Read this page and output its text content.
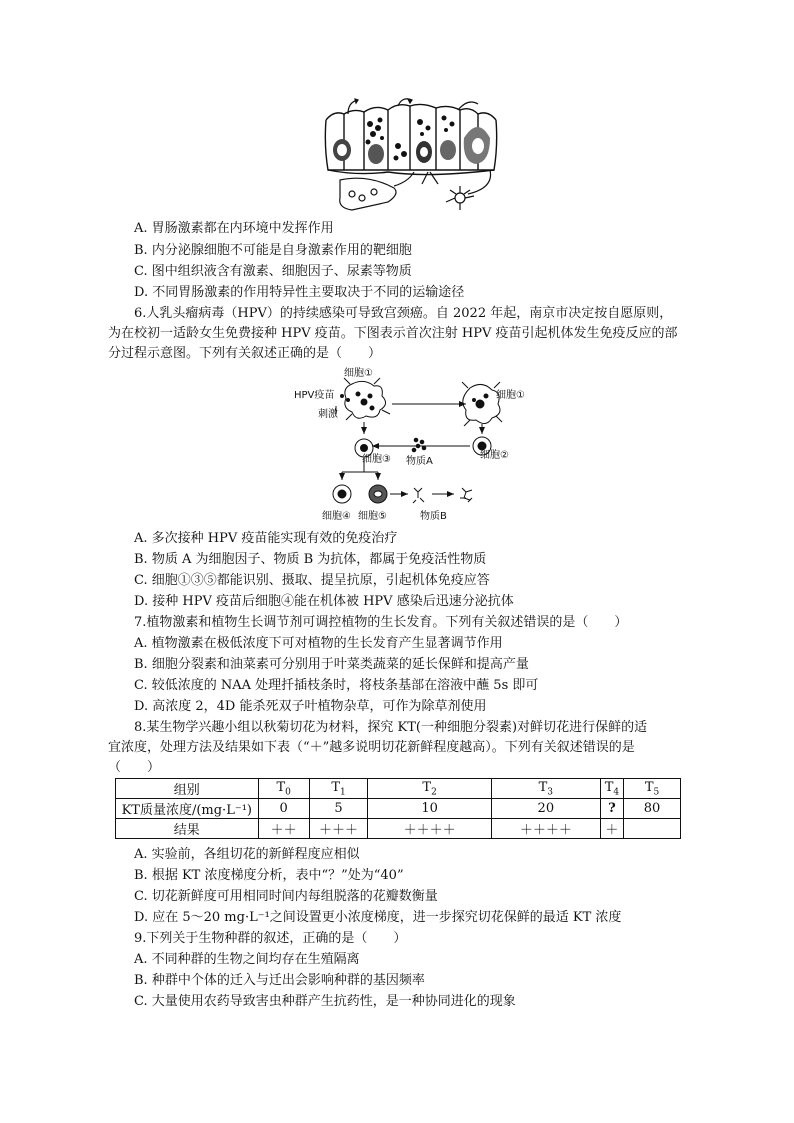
A. 胃肠激素都在内环境中发挥作用
B. 内分泌腺细胞不可能是自身激素作用的靶细胞
C. 图中组织液含有激素、细胞因子、尿素等物质
D. 不同胃肠激素的作用特异性主要取决于不同的运输途径
6.人乳头瘤病毒（HPV）的持续感染可导致宫颈癌。自 2022 年起，南京市决定按自愿原则，
为在校初一适龄女生免费接种 HPV 疫苗。下图表示首次注射 HPV 疫苗引起机体发生免疫反应的部
分过程示意图。下列有关叙述正确的是（　　）
细胞①
HPV疫苗
刺激
细胞①
细胞②
细胞③ 物质A
细胞④ 细胞⑤	物质B
A. 多次接种 HPV 疫苗能实现有效的免疫治疗
B. 物质 A 为细胞因子、物质 B 为抗体，都属于免疫活性物质
C. 细胞①③⑤都能识别、摄取、提呈抗原，引起机体免疫应答
D. 接种 HPV 疫苗后细胞④能在机体被 HPV 感染后迅速分泌抗体
7.植物激素和植物生长调节剂可调控植物的生长发育。下列有关叙述错误的是（　　）
A. 植物激素在极低浓度下可对植物的生长发育产生显著调节作用
B. 细胞分裂素和油菜素可分别用于叶菜类蔬菜的延长保鲜和提高产量
C. 较低浓度的 NAA 处理扦插枝条时，将枝条基部在溶液中蘸 5s 即可
D. 高浓度 2，4D 能杀死双子叶植物杂草，可作为除草剂使用
8.某生物学兴趣小组以秋菊切花为材料，探究 KT(一种细胞分裂素)对鲜切花进行保鲜的适
宜浓度，处理方法及结果如下表（“＋”越多说明切花新鲜程度越高）。下列有关叙述错误的是
（　　）
组别	$T_0$	$T_1$	$T_2$	$T_3$	$T_4$	$T_5$
KT质量浓度/(mg·L⁻¹)	0	5	10	20	?	80
结果	＋＋	＋＋＋	＋＋＋＋	＋＋＋＋	＋	
A. 实验前，各组切花的新鲜程度应相似
B. 根据 KT 浓度梯度分析，表中“？”处为“40”
C. 切花新鲜度可用相同时间内每组脱落的花瓣数衡量
D. 应在 5～20 mg·L⁻¹之间设置更小浓度梯度，进一步探究切花保鲜的最适 KT 浓度
9.下列关于生物种群的叙述，正确的是（　　）
A. 不同种群的生物之间均存在生殖隔离
B. 种群中个体的迁入与迁出会影响种群的基因频率
C. 大量使用农药导致害虫种群产生抗药性，是一种协同进化的现象
